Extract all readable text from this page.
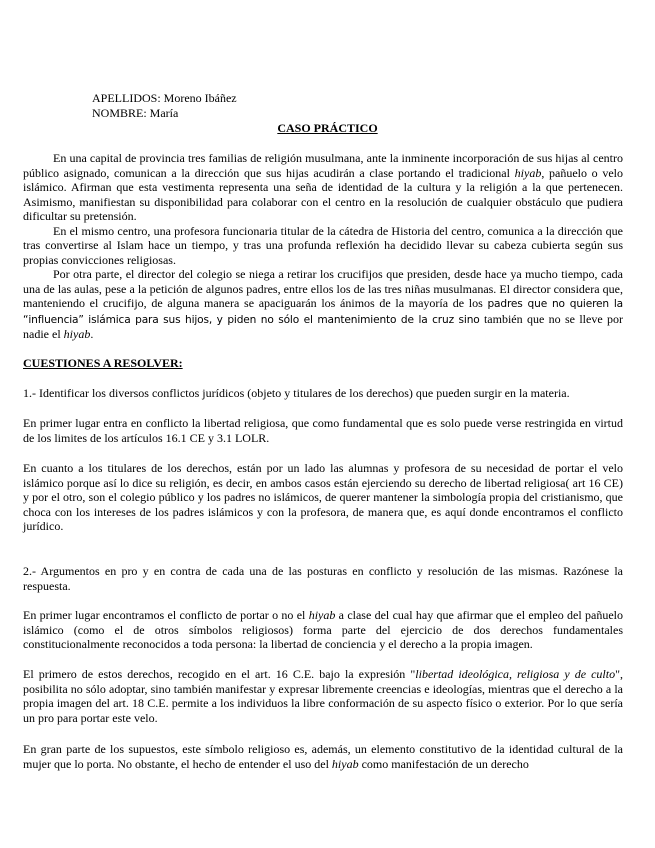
APELLIDOS: Moreno Ibáñez
NOMBRE: María
CASO PRÁCTICO

En una capital de provincia tres familias de religión musulmana, ante la inminente incorporación de sus hijas al centro público asignado, comunican a la dirección que sus hijas acudirán a clase portando el tradicional hiyab, pañuelo o velo islámico. Afirman que esta vestimenta representa una seña de identidad de la cultura y la religión a la que pertenecen. Asimismo, manifiestan su disponibilidad para colaborar con el centro en la resolución de cualquier obstáculo que pudiera dificultar su pretensión.

En el mismo centro, una profesora funcionaria titular de la cátedra de Historia del centro, comunica a la dirección que tras convertirse al Islam hace un tiempo, y tras una profunda reflexión ha decidido llevar su cabeza cubierta según sus propias convicciones religiosas.

Por otra parte, el director del colegio se niega a retirar los crucifijos que presiden, desde hace ya mucho tiempo, cada una de las aulas, pese a la petición de algunos padres, entre ellos los de las tres niñas musulmanas. El director considera que, manteniendo el crucifijo, de alguna manera se apaciguarán los ánimos de la mayoría de los padres que no quieren la “influencia” islámica para sus hijos, y piden no sólo el mantenimiento de la cruz sino también que no se lleve por nadie el hiyab.

CUESTIONES A RESOLVER:
1.- Identificar los diversos conflictos jurídicos (objeto y titulares de los derechos) que pueden surgir en la materia.
En primer lugar entra en conflicto la libertad religiosa, que como fundamental que es solo puede verse restringida en virtud de los limites de los artículos 16.1 CE y 3.1 LOLR.
En cuanto a los titulares de los derechos, están por un lado las alumnas y profesora de su necesidad de portar el velo islámico porque así lo dice su religión, es decir, en ambos casos están ejerciendo su derecho de libertad religiosa( art 16 CE) y por el otro, son el colegio público y los padres no islámicos, de querer mantener la simbología propia del cristianismo, que choca con los intereses de los padres islámicos y con la profesora, de manera que, es aquí donde encontramos el conflicto jurídico.
2.- Argumentos en pro y en contra de cada una de las posturas en conflicto y resolución de las mismas. Razónese la respuesta.
En primer lugar encontramos el conflicto de portar o no el hiyab a clase del cual hay que afirmar que el empleo del pañuelo islámico (como el de otros símbolos religiosos) forma parte del ejercicio de dos derechos fundamentales constitucionalmente reconocidos a toda persona: la libertad de conciencia y el derecho a la propia imagen.
El primero de estos derechos, recogido en el art. 16 C.E. bajo la expresión "libertad ideológica, religiosa y de culto", posibilita no sólo adoptar, sino también manifestar y expresar libremente creencias e ideologías, mientras que el derecho a la propia imagen del art. 18 C.E. permite a los individuos la libre conformación de su aspecto físico o exterior. Por lo que sería un pro para portar este velo.
En gran parte de los supuestos, este símbolo religioso es, además, un elemento constitutivo de la identidad cultural de la mujer que lo porta. No obstante, el hecho de entender el uso del hiyab como manifestación de un derecho
